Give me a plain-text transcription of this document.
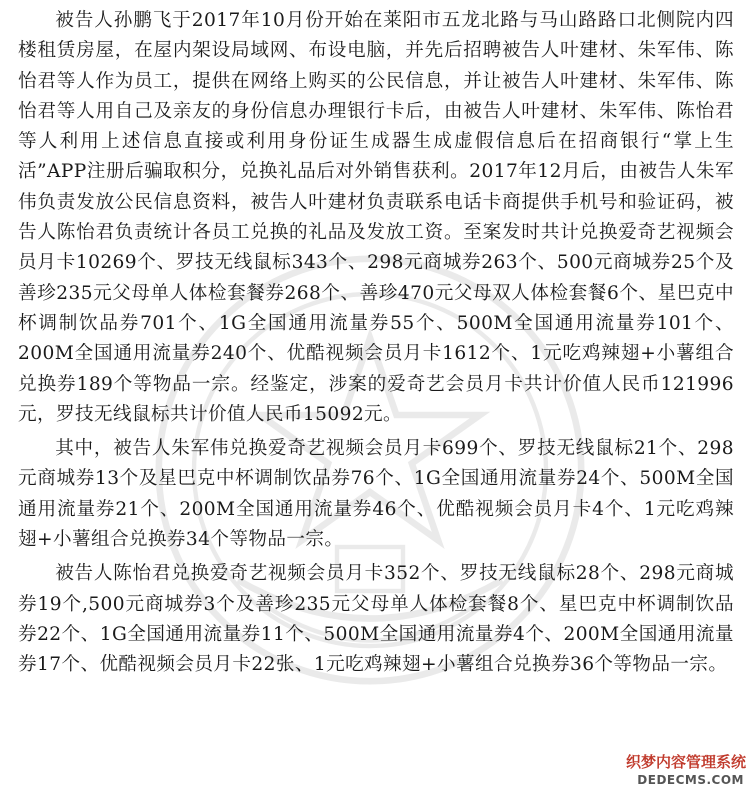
被告人孙鹏飞于2017年10月份开始在莱阳市五龙北路与马山路路口北侧院内四楼租赁房屋，在屋内架设局域网、布设电脑，并先后招聘被告人叶建材、朱军伟、陈怡君等人作为员工，提供在网络上购买的公民信息，并让被告人叶建材、朱军伟、陈怡君等人用自己及亲友的身份信息办理银行卡后，由被告人叶建材、朱军伟、陈怡君等人利用上述信息直接或利用身份证生成器生成虚假信息后在招商银行“掌上生活”APP注册后骗取积分，兑换礼品后对外销售获利。2017年12月后，由被告人朱军伟负责发放公民信息资料，被告人叶建材负责联系电话卡商提供手机号和验证码，被告人陈怡君负责统计各员工兑换的礼品及发放工资。至案发时共计兑换爱奇艺视频会员月卡10269个、罗技无线鼠标343个、298元商城券263个、500元商城券25个及善珍235元父母单人体检套餐券268个、善珍470元父母双人体检套餐6个、星巴克中杯调制饮品券701个、1G全国通用流量券55个、500M全国通用流量券101个、200M全国通用流量券240个、优酷视频会员月卡1612个、1元吃鸡辣翅+小薯组合兑换券189个等物品一宗。经鉴定，涉案的爱奇艺会员月卡共计价值人民币121996元，罗技无线鼠标共计价值人民币15092元。

其中，被告人朱军伟兑换爱奇艺视频会员月卡699个、罗技无线鼠标21个、298元商城券13个及星巴克中杯调制饮品券76个、1G全国通用流量券24个、500M全国通用流量券21个、200M全国通用流量券46个、优酷视频会员月卡4个、1元吃鸡辣翅+小薯组合兑换券34个等物品一宗。

被告人陈怡君兑换爱奇艺视频会员月卡352个、罗技无线鼠标28个、298元商城券19个,500元商城券3个及善珍235元父母单人体检套餐8个、星巴克中杯调制饮品券22个、1G全国通用流量券11个、500M全国通用流量券4个、200M全国通用流量券17个、优酷视频会员月卡22张、1元吃鸡辣翅+小薯组合兑换券36个等物品一宗。

织梦内容管理系统
DEDECMS.COM
